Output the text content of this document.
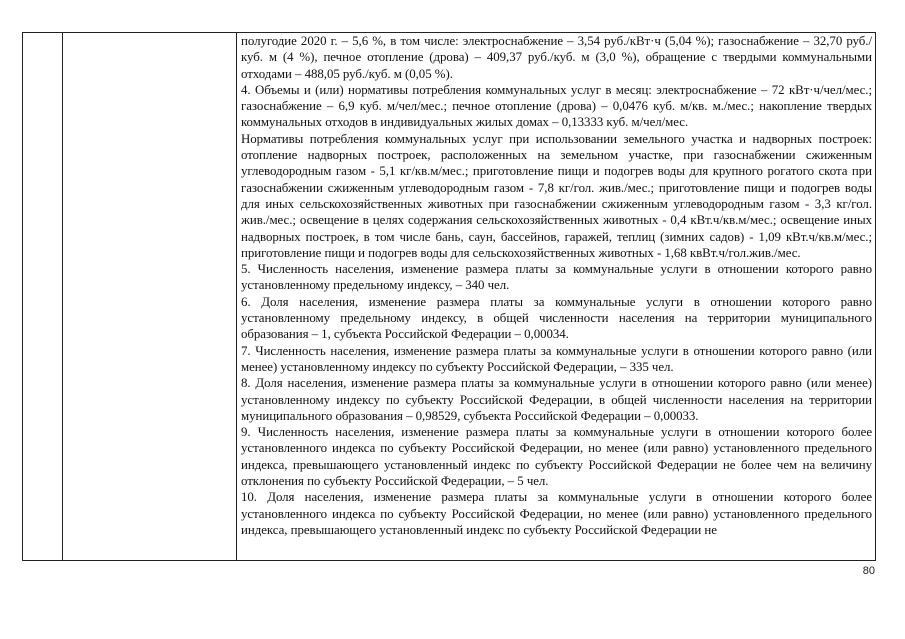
полугодие 2020 г. – 5,6 %, в том числе: электроснабжение – 3,54 руб./кВт·ч (5,04 %); газоснабжение – 32,70 руб./куб. м (4 %), печное отопление (дрова) – 409,37 руб./куб. м (3,0 %), обращение с твердыми коммунальными отходами – 488,05 руб./куб. м (0,05 %).

4. Объемы и (или) нормативы потребления коммунальных услуг в месяц: электроснабжение – 72 кВт·ч/чел/мес.; газоснабжение – 6,9 куб. м/чел/мес.; печное отопление (дрова) – 0,0476 куб. м/кв. м./мес.; накопление твердых коммунальных отходов в индивидуальных жилых домах – 0,13333 куб. м/чел/мес.

Нормативы потребления коммунальных услуг при использовании земельного участка и надворных построек: отопление надворных построек, расположенных на земельном участке, при газоснабжении сжиженным углеводородным газом - 5,1 кг/кв.м/мес.; приготовление пищи и подогрев воды для крупного рогатого скота при газоснабжении сжиженным углеводородным газом - 7,8 кг/гол. жив./мес.; приготовление пищи и подогрев воды для иных сельскохозяйственных животных при газоснабжении сжиженным углеводородным газом - 3,3 кг/гол. жив./мес.; освещение в целях содержания сельскохозяйственных животных - 0,4 кВт.ч/кв.м/мес.; освещение иных надворных построек, в том числе бань, саун, бассейнов, гаражей, теплиц (зимних садов) - 1,09 кВт.ч/кв.м/мес.; приготовление пищи и подогрев воды для сельскохозяйственных животных - 1,68 квВт.ч/гол.жив./мес.

5. Численность населения, изменение размера платы за коммунальные услуги в отношении которого равно установленному предельному индексу, – 340 чел.

6. Доля населения, изменение размера платы за коммунальные услуги в отношении которого равно установленному предельному индексу, в общей численности населения на территории муниципального образования – 1, субъекта Российской Федерации – 0,00034.

7. Численность населения, изменение размера платы за коммунальные услуги в отношении которого равно (или менее) установленному индексу по субъекту Российской Федерации, – 335 чел.

8. Доля населения, изменение размера платы за коммунальные услуги в отношении которого равно (или менее) установленному индексу по субъекту Российской Федерации, в общей численности населения на территории муниципального образования – 0,98529, субъекта Российской Федерации – 0,00033.

9. Численность населения, изменение размера платы за коммунальные услуги в отношении которого более установленного индекса по субъекту Российской Федерации, но менее (или равно) установленного предельного индекса, превышающего установленный индекс по субъекту Российской Федерации не более чем на величину отклонения по субъекту Российской Федерации, – 5 чел.

10. Доля населения, изменение размера платы за коммунальные услуги в отношении которого более установленного индекса по субъекту Российской Федерации, но менее (или равно) установленного предельного индекса, превышающего установленный индекс по субъекту Российской Федерации не

80
